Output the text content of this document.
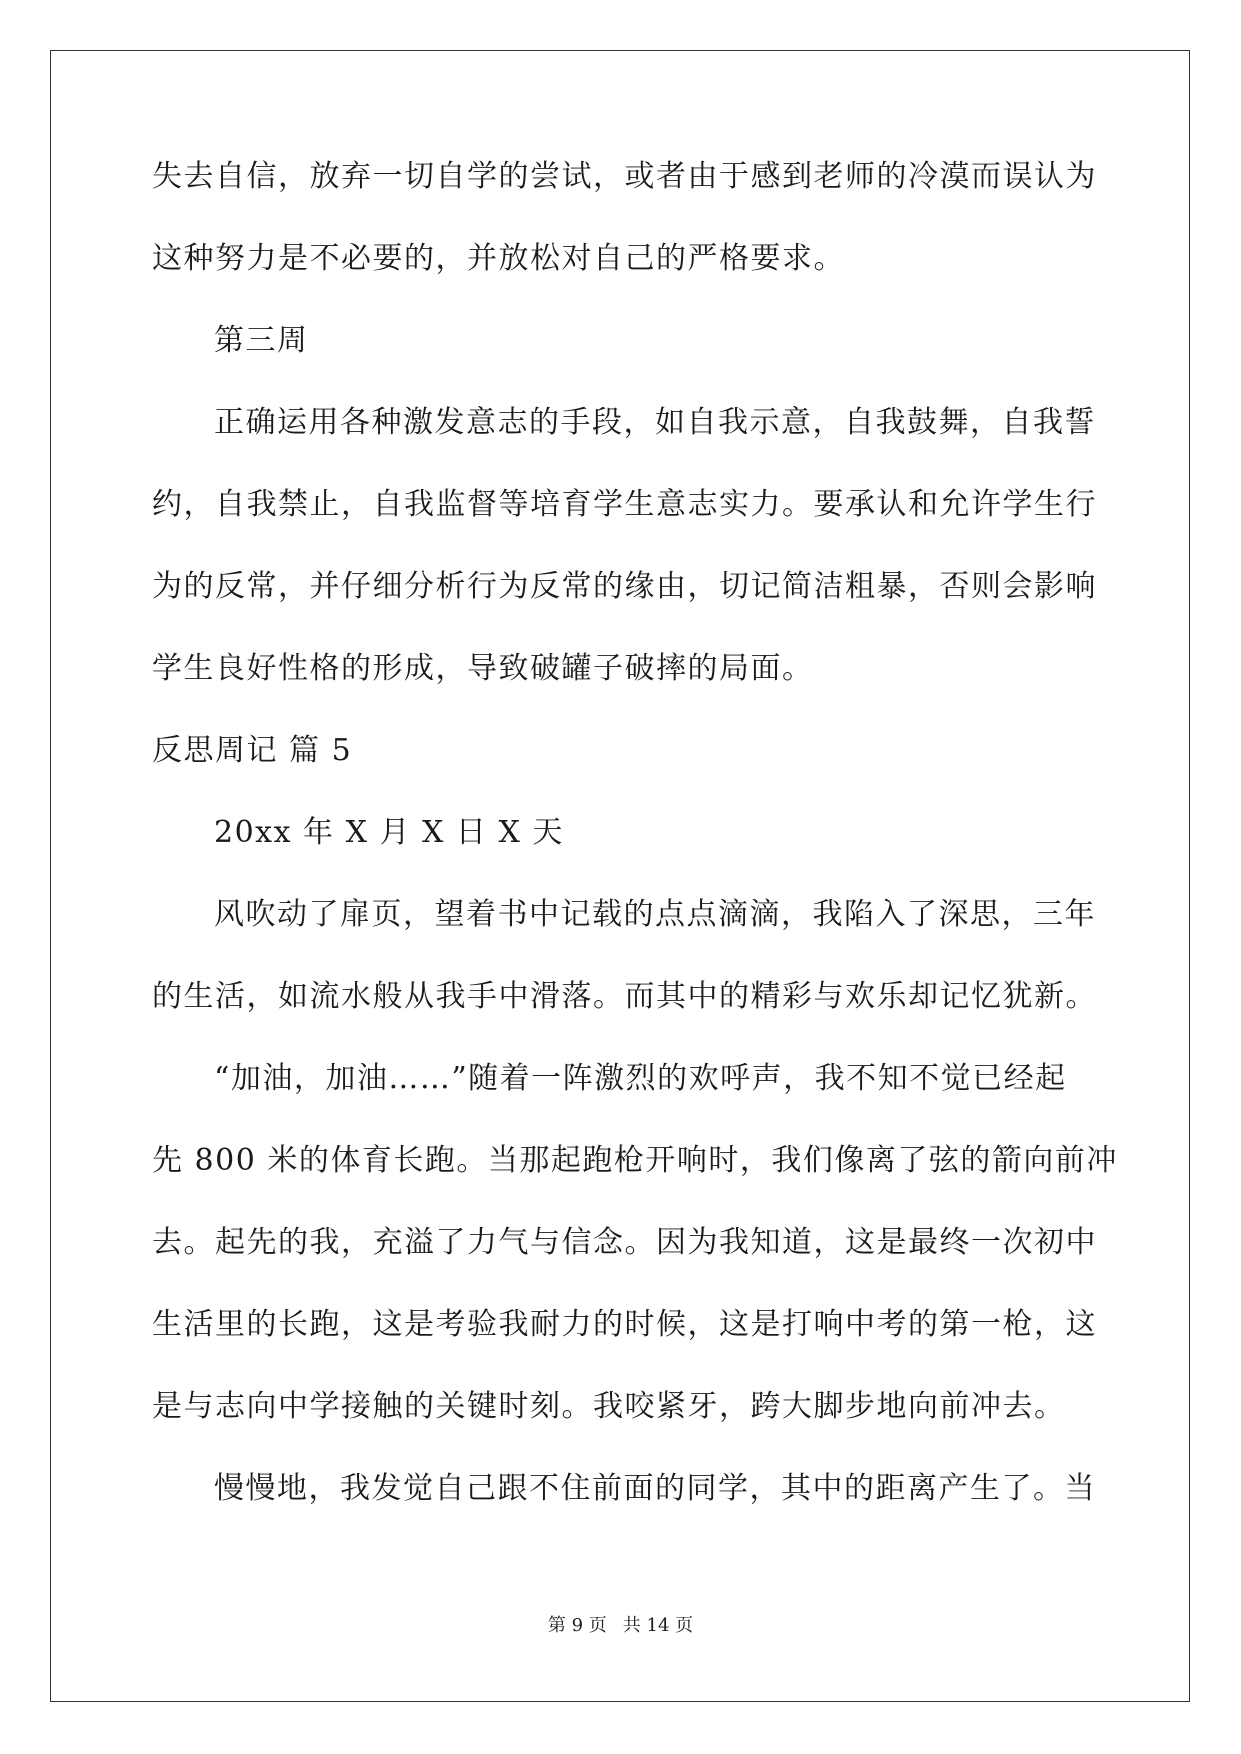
失去自信，放弃一切自学的尝试，或者由于感到老师的冷漠而误认为
这种努力是不必要的，并放松对自己的严格要求。
第三周
正确运用各种激发意志的手段，如自我示意，自我鼓舞，自我誓
约，自我禁止，自我监督等培育学生意志实力。要承认和允许学生行
为的反常，并仔细分析行为反常的缘由，切记简洁粗暴，否则会影响
学生良好性格的形成，导致破罐子破摔的局面。
反思周记 篇 5
20xx 年 X 月 X 日 X 天
风吹动了扉页，望着书中记载的点点滴滴，我陷入了深思，三年
的生活，如流水般从我手中滑落。而其中的精彩与欢乐却记忆犹新。
“加油，加油……”随着一阵激烈的欢呼声，我不知不觉已经起
先 800 米的体育长跑。当那起跑枪开响时，我们像离了弦的箭向前冲
去。起先的我，充溢了力气与信念。因为我知道，这是最终一次初中
生活里的长跑，这是考验我耐力的时候，这是打响中考的第一枪，这
是与志向中学接触的关键时刻。我咬紧牙，跨大脚步地向前冲去。
慢慢地，我发觉自己跟不住前面的同学，其中的距离产生了。当
第 9 页 共 14 页
